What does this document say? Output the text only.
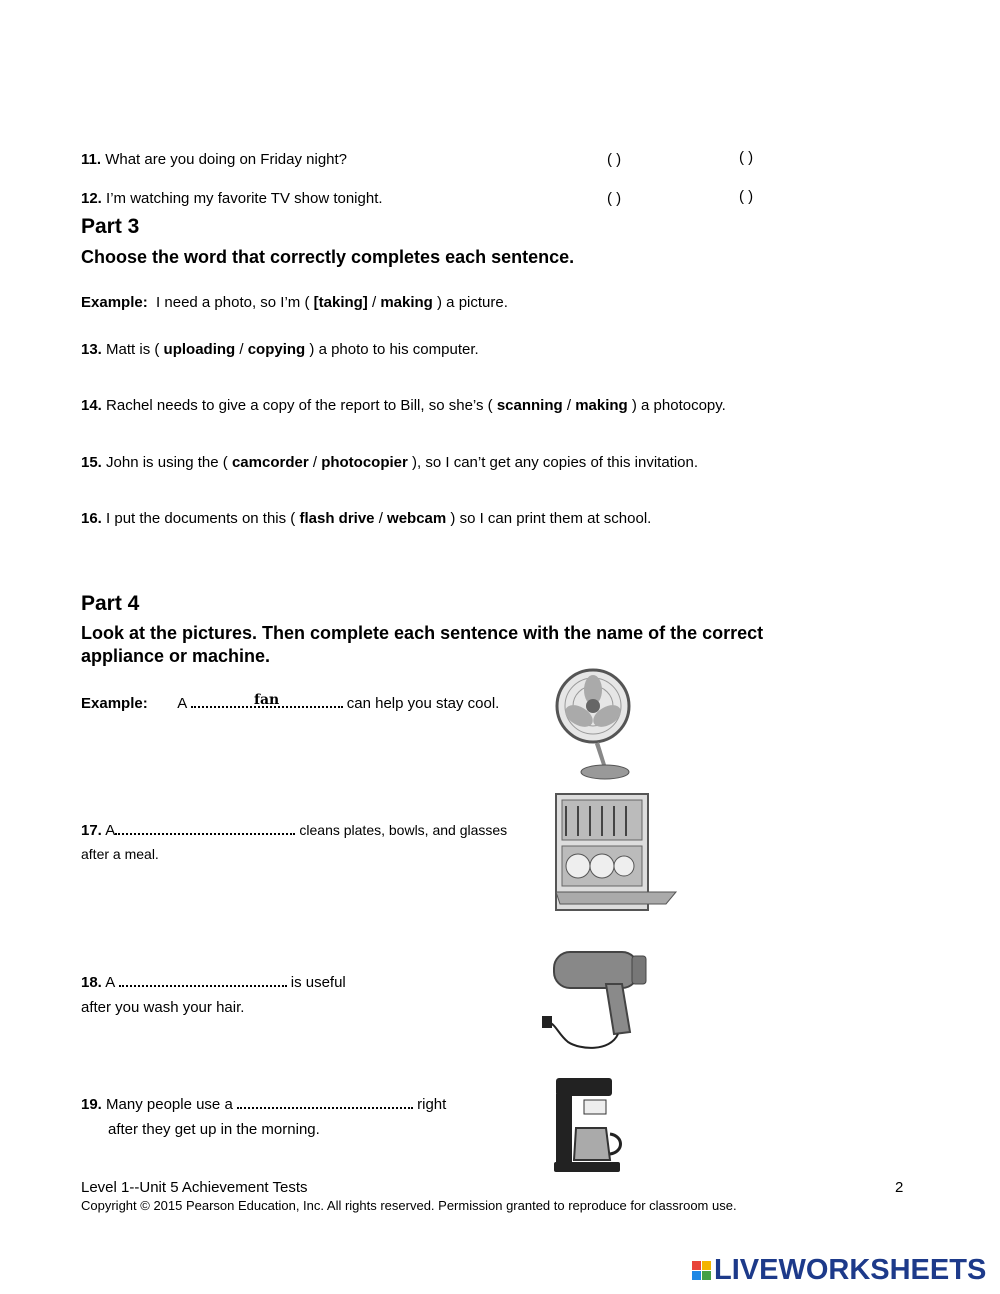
11. What are you doing on Friday night?	( )	( )
12. I’m watching my favorite TV show tonight.	( )	( )
Part 3
Choose the word that correctly completes each sentence.
Example: I need a photo, so I’m ( [taking] / making ) a picture.
13. Matt is ( uploading / copying ) a photo to his computer.
14. Rachel needs to give a copy of the report to Bill, so she’s ( scanning / making ) a photocopy.
15. John is using the ( camcorder / photocopier ), so I can’t get any copies of this invitation.
16. I put the documents on this ( flash drive / webcam ) so I can print them at school.
Part 4
Look at the pictures. Then complete each sentence with the name of the correct
appliance or machine.
Example: A	fan	can help you stay cool.
17. A	cleans plates, bowls, and glasses
after a meal.
18. A	is useful
after you wash your hair.
19. Many people use a	right
after they get up in the morning.
Level 1--Unit 5 Achievement Tests	2
Copyright © 2015 Pearson Education, Inc. All rights reserved. Permission granted to reproduce for classroom use.
LIVEWORKSHEETS
